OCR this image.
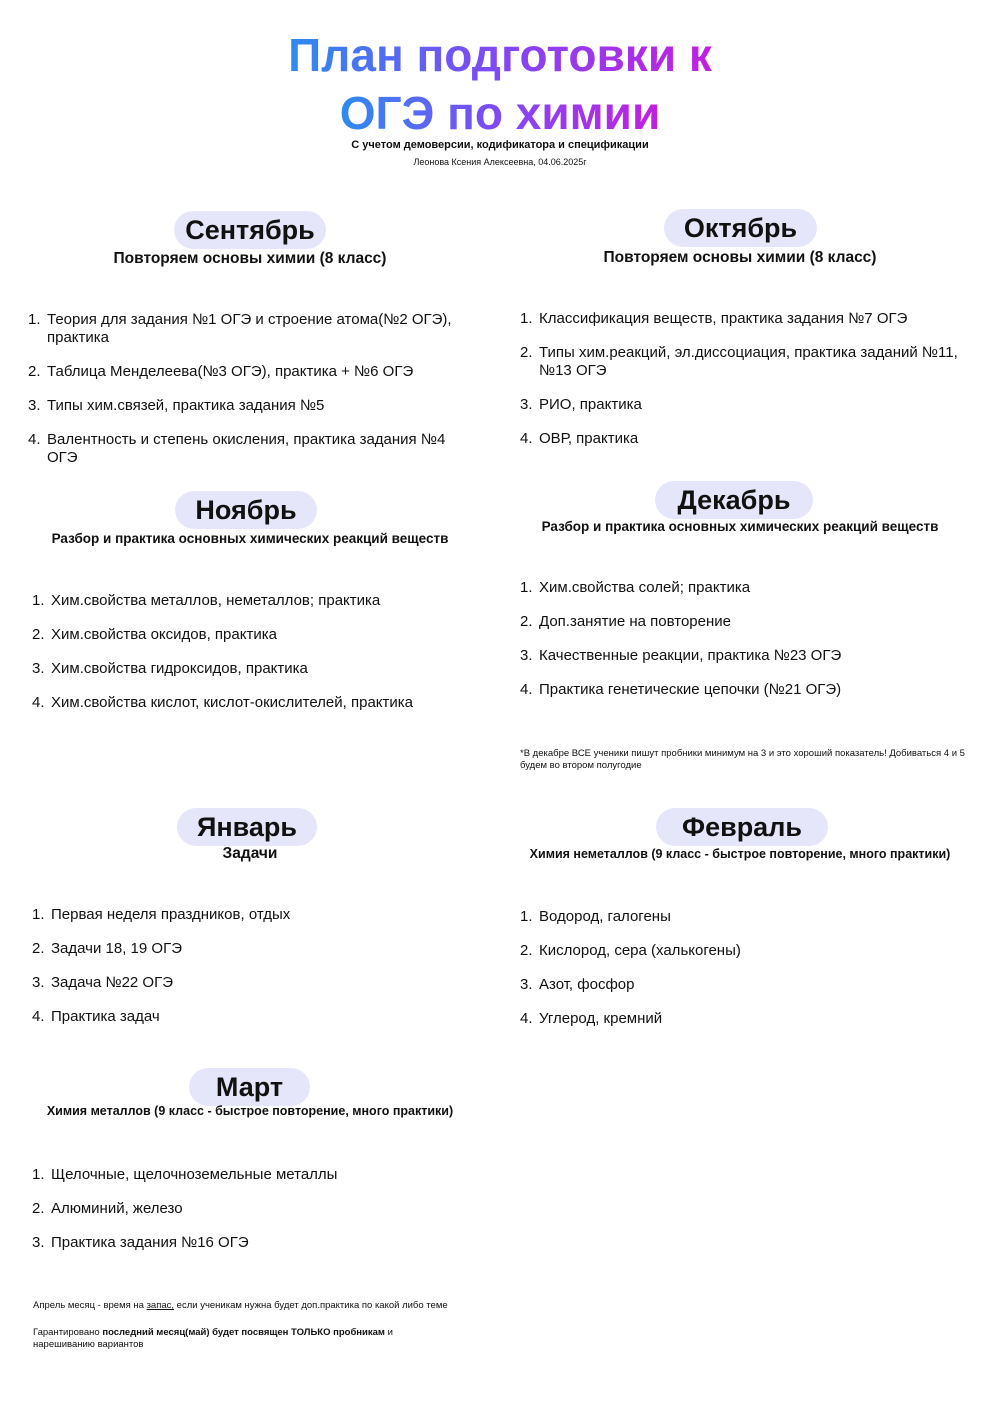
План подготовки к
ОГЭ по химии
С учетом демоверсии, кодификатора и спецификации
Леонова Ксения Алексеевна, 04.06.2025г
Сентябрь
Повторяем основы химии (8 класс)
1. Теория для задания №1 ОГЭ и строение атома(№2 ОГЭ), практика
2. Таблица Менделеева(№3 ОГЭ), практика + №6 ОГЭ
3. Типы хим.связей, практика задания №5
4. Валентность и степень окисления, практика задания №4 ОГЭ
Октябрь
Повторяем основы химии (8 класс)
1. Классификация веществ, практика задания №7 ОГЭ
2. Типы хим.реакций, эл.диссоциация, практика заданий №11, №13 ОГЭ
3. РИО, практика
4. ОВР, практика
Ноябрь
Разбор и практика основных химических реакций веществ
1. Хим.свойства металлов, неметаллов; практика
2. Хим.свойства оксидов, практика
3. Хим.свойства гидроксидов, практика
4. Хим.свойства кислот, кислот-окислителей, практика
Декабрь
Разбор и практика основных химических реакций веществ
1. Хим.свойства солей; практика
2. Доп.занятие на повторение
3. Качественные реакции, практика №23 ОГЭ
4. Практика генетические цепочки (№21 ОГЭ)
*В декабре ВСЕ ученики пишут пробники минимум на 3 и это хороший показатель! Добиваться 4 и 5 будем во втором полугодие
Январь
Задачи
1. Первая неделя праздников, отдых
2. Задачи 18, 19 ОГЭ
3. Задача №22 ОГЭ
4. Практика задач
Февраль
Химия неметаллов (9 класс - быстрое повторение, много практики)
1. Водород, галогены
2. Кислород, сера (халькогены)
3. Азот, фосфор
4. Углерод, кремний
Март
Химия металлов (9 класс - быстрое повторение, много практики)
1. Щелочные, щелочноземельные металлы
2. Алюминий, железо
3. Практика задания №16 ОГЭ
Апрель месяц - время на запас, если ученикам нужна будет доп.практика по какой либо теме
Гарантировано последний месяц(май) будет посвящен ТОЛЬКО пробникам и нарешиванию вариантов
